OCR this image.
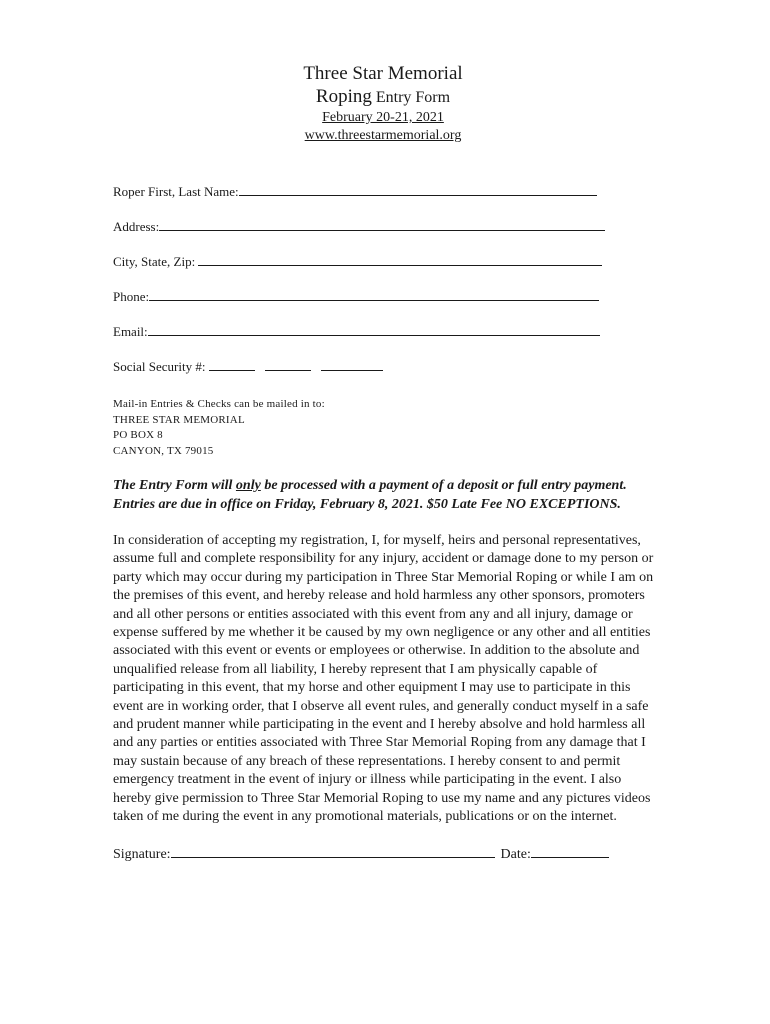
Three Star Memorial
Roping Entry Form
February 20-21, 2021
www.threestarmemorial.org
Roper First, Last Name:
Address:
City, State, Zip:
Phone:
Email:
Social Security #:
Mail-in Entries & Checks can be mailed in to:
THREE STAR MEMORIAL
PO BOX 8
CANYON, TX 79015
The Entry Form will only be processed with a payment of a deposit or full entry payment. Entries are due in office on Friday, February 8, 2021. $50 Late Fee NO EXCEPTIONS.
In consideration of accepting my registration, I, for myself, heirs and personal representatives, assume full and complete responsibility for any injury, accident or damage done to my person or party which may occur during my participation in Three Star Memorial Roping or while I am on the premises of this event, and hereby release and hold harmless any other sponsors, promoters and all other persons or entities associated with this event from any and all injury, damage or expense suffered by me whether it be caused by my own negligence or any other and all entities associated with this event or events or employees or otherwise. In addition to the absolute and unqualified release from all liability, I hereby represent that I am physically capable of participating in this event, that my horse and other equipment I may use to participate in this event are in working order, that I observe all event rules, and generally conduct myself in a safe and prudent manner while participating in the event and I hereby absolve and hold harmless all and any parties or entities associated with Three Star Memorial Roping from any damage that I may sustain because of any breach of these representations. I hereby consent to and permit emergency treatment in the event of injury or illness while participating in the event. I also hereby give permission to Three Star Memorial Roping to use my name and any pictures videos taken of me during the event in any promotional materials, publications or on the internet.
Signature:	Date:
